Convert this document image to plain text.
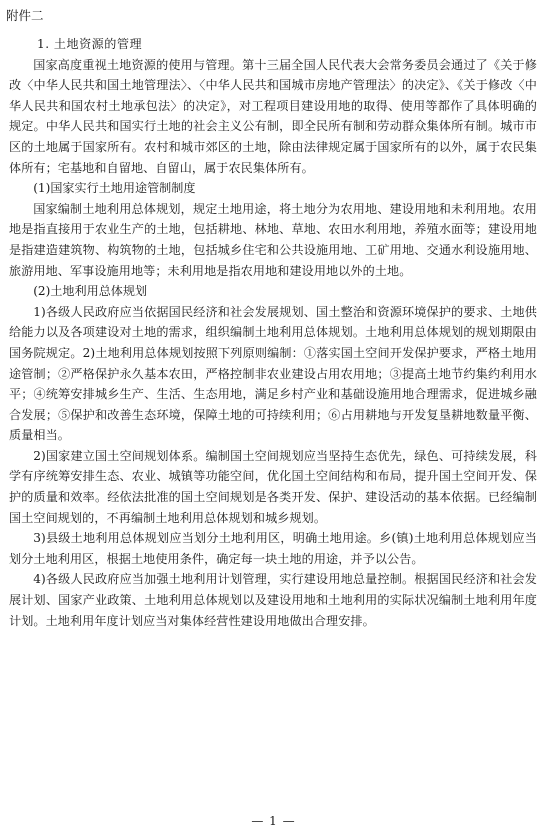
附件二

1. 土地资源的管理

国家高度重视土地资源的使用与管理。第十三届全国人民代表大会常务委员会通过了《关于修改〈中华人民共和国土地管理法〉、〈中华人民共和国城市房地产管理法〉的决定》、《关于修改〈中华人民共和国农村土地承包法〉的决定》，对工程项目建设用地的取得、使用等都作了具体明确的规定。中华人民共和国实行土地的社会主义公有制，即全民所有制和劳动群众集体所有制。城市市区的土地属于国家所有。农村和城市郊区的土地，除由法律规定属于国家所有的以外，属于农民集体所有；宅基地和自留地、自留山，属于农民集体所有。

(1)国家实行土地用途管制制度

国家编制土地利用总体规划，规定土地用途，将土地分为农用地、建设用地和未利用地。农用地是指直接用于农业生产的土地，包括耕地、林地、草地、农田水利用地，养殖水面等；建设用地是指建造建筑物、构筑物的土地，包括城乡住宅和公共设施用地、工矿用地、交通水利设施用地、旅游用地、军事设施用地等；未利用地是指农用地和建设用地以外的土地。

(2)土地利用总体规划

1)各级人民政府应当依据国民经济和社会发展规划、国土整治和资源环境保护的要求、土地供给能力以及各项建设对土地的需求，组织编制土地利用总体规划。土地利用总体规划的规划期限由国务院规定。2)土地利用总体规划按照下列原则编制：①落实国土空间开发保护要求，严格土地用途管制；②严格保护永久基本农田，严格控制非农业建设占用农用地；③提高土地节约集约利用水平；④统筹安排城乡生产、生活、生态用地，满足乡村产业和基础设施用地合理需求，促进城乡融合发展；⑤保护和改善生态环境，保障土地的可持续利用；⑥占用耕地与开发复垦耕地数量平衡、质量相当。

2)国家建立国土空间规划体系。编制国土空间规划应当坚持生态优先，绿色、可持续发展，科学有序统筹安排生态、农业、城镇等功能空间，优化国土空间结构和布局，提升国土空间开发、保护的质量和效率。经依法批准的国土空间规划是各类开发、保护、建设活动的基本依据。已经编制国土空间规划的，不再编制土地利用总体规划和城乡规划。

3)县级土地利用总体规划应当划分土地利用区，明确土地用途。乡(镇)土地利用总体规划应当划分土地利用区，根据土地使用条件，确定每一块土地的用途，并予以公告。

4)各级人民政府应当加强土地利用计划管理，实行建设用地总量控制。根据国民经济和社会发展计划、国家产业政策、土地利用总体规划以及建设用地和土地利用的实际状况编制土地利用年度计划。土地利用年度计划应当对集体经营性建设用地做出合理安排。

— 1 —
